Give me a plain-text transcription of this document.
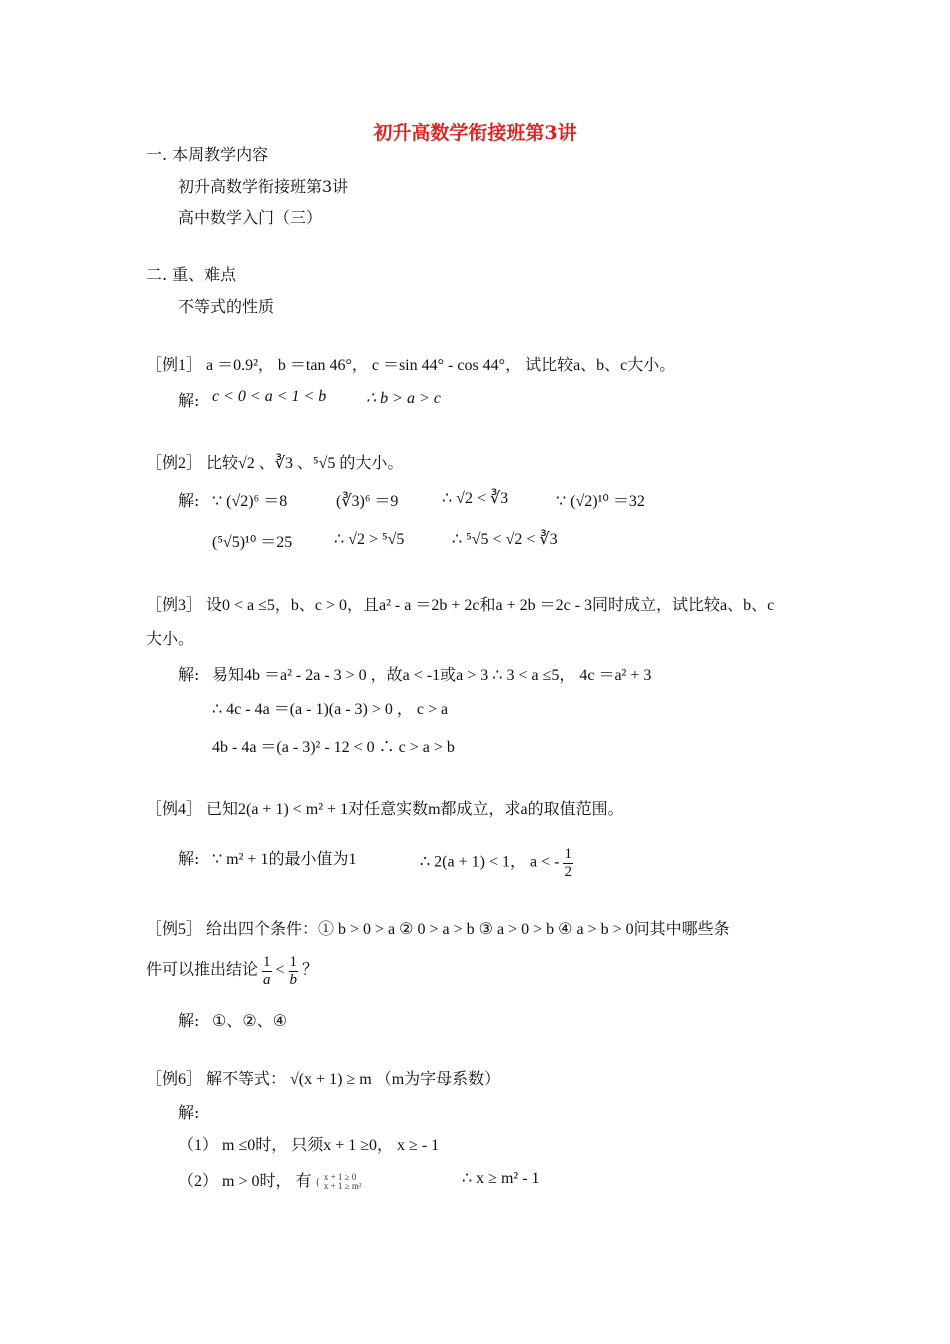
初升高数学衔接班第3讲
一. 本周教学内容
初升高数学衔接班第3讲
高中数学入门（三）
二. 重、难点
不等式的性质
［例1］ a ＝0.9²， b ＝tan 46°， c ＝sin 44° - cos 44°， 试比较a、b、c大小。
解: c < 0 < a < 1 < b ∴ b > a > c
［例2］ 比较√2 、∛3 、⁵√5 的大小。
解: ∵ (√2)⁶ ＝8	(∛3)⁶ ＝9	∴ √2 < ∛3	∵ (√2)¹⁰ ＝32
(⁵√5)¹⁰ ＝25	∴ √2 > ⁵√5	∴ ⁵√5 < √2 < ∛3
［例3］ 设0 < a ≤5，b、c > 0，且a² - a ＝2b + 2c和a + 2b ＝2c - 3同时成立，试比较a、b、c
大小。
解: 易知4b ＝a² - 2a - 3 > 0 ，故a < -1或a > 3 ∴ 3 < a ≤5， 4c ＝a² + 3
∴ 4c - 4a ＝(a - 1)(a - 3) > 0 ， c > a
4b - 4a ＝(a - 3)² - 12 < 0 ∴ c > a > b
［例4］ 已知2(a + 1) < m² + 1对任意实数m都成立，求a的取值范围。
解: ∵ m² + 1的最小值为1	∴ 2(a + 1) < 1， a < - $\frac{1}{2}$
［例5］ 给出四个条件：① b > 0 > a ② 0 > a > b ③ a > 0 > b ④ a > b > 0问其中哪些条
件可以推出结论 $\frac{1}{a} < \frac{1}{b}$ ？
解: ①、②、④
［例6］ 解不等式： √(x + 1) ≥ m （m为字母系数）
解:
（1） m ≤0时， 只须x + 1 ≥0， x ≥ - 1
（2） m > 0时， 有 { x + 1 ≥ 0
x + 1 ≥ m²	∴ x ≥ m² - 1
